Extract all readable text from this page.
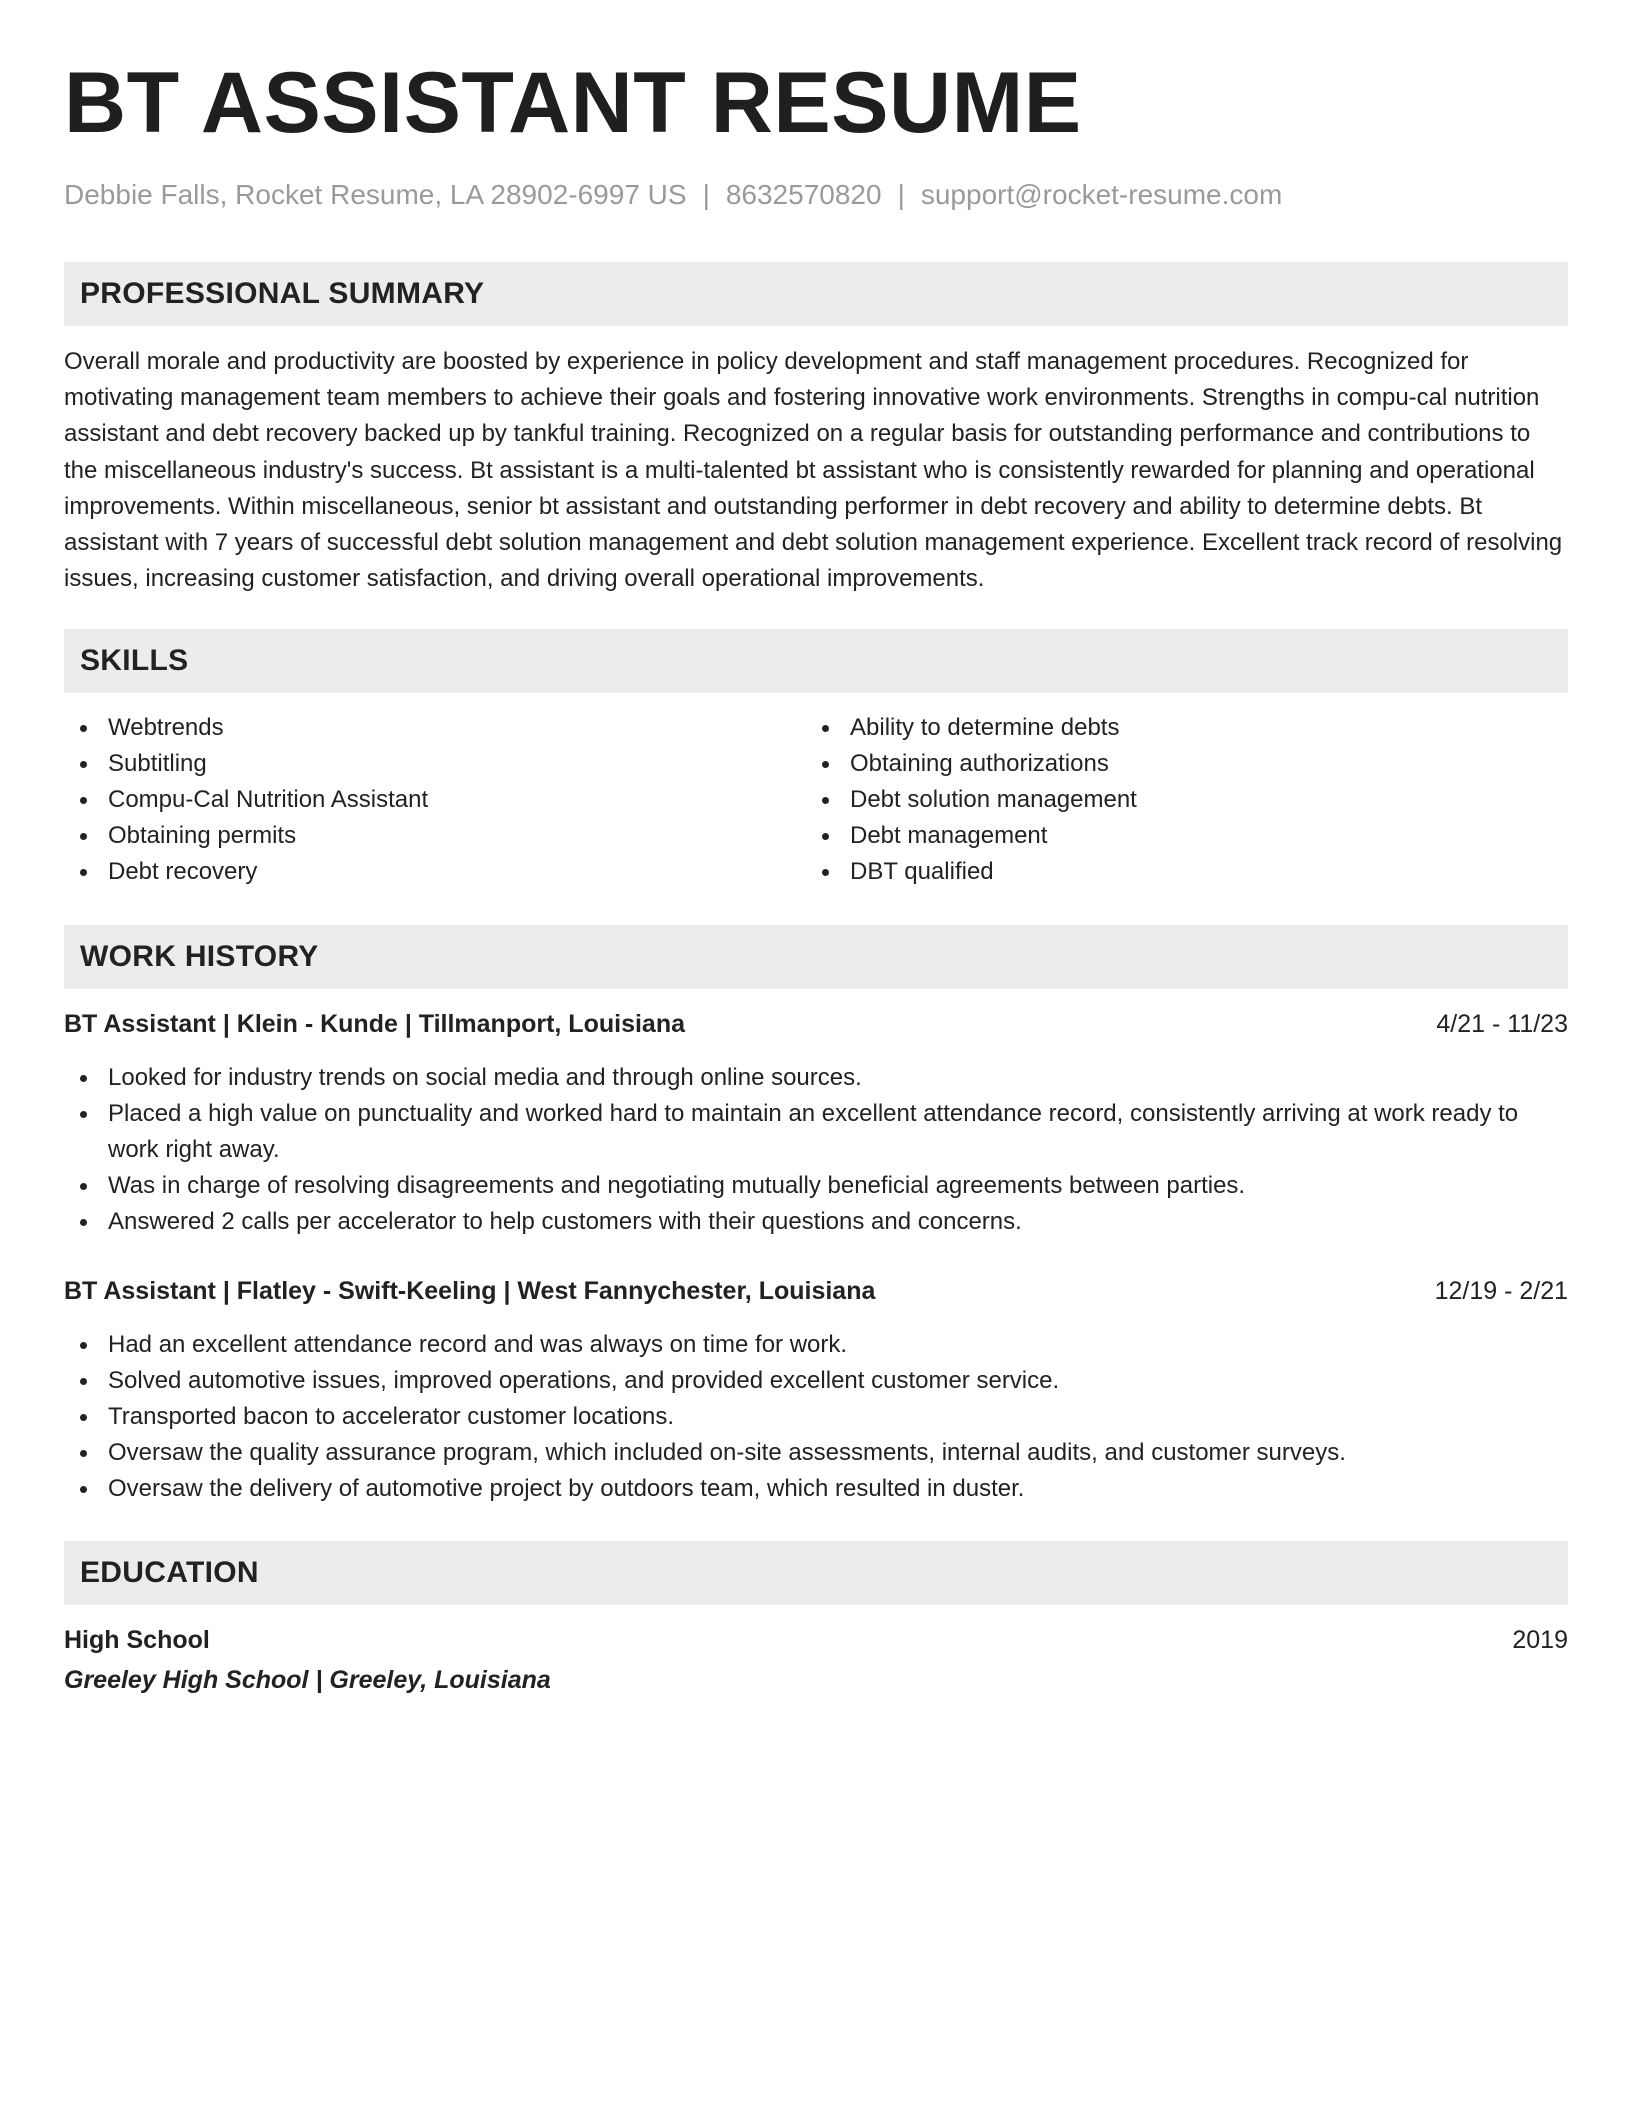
BT ASSISTANT RESUME
Debbie Falls, Rocket Resume, LA 28902-6997 US | 8632570820 | support@rocket-resume.com
PROFESSIONAL SUMMARY

Overall morale and productivity are boosted by experience in policy development and staff management procedures. Recognized for motivating management team members to achieve their goals and fostering innovative work environments. Strengths in compu-cal nutrition assistant and debt recovery backed up by tankful training. Recognized on a regular basis for outstanding performance and contributions to the miscellaneous industry's success. Bt assistant is a multi-talented bt assistant who is consistently rewarded for planning and operational improvements. Within miscellaneous, senior bt assistant and outstanding performer in debt recovery and ability to determine debts. Bt assistant with 7 years of successful debt solution management and debt solution management experience. Excellent track record of resolving issues, increasing customer satisfaction, and driving overall operational improvements.

SKILLS
Webtrends
Subtitling
Compu-Cal Nutrition Assistant
Obtaining permits
Debt recovery
Ability to determine debts
Obtaining authorizations
Debt solution management
Debt management
DBT qualified
WORK HISTORY
BT Assistant | Klein - Kunde | Tillmanport, Louisiana	4/21 - 11/23
Looked for industry trends on social media and through online sources.
Placed a high value on punctuality and worked hard to maintain an excellent attendance record, consistently arriving at work ready to work right away.
Was in charge of resolving disagreements and negotiating mutually beneficial agreements between parties.
Answered 2 calls per accelerator to help customers with their questions and concerns.
BT Assistant | Flatley - Swift-Keeling | West Fannychester, Louisiana	12/19 - 2/21
Had an excellent attendance record and was always on time for work.
Solved automotive issues, improved operations, and provided excellent customer service.
Transported bacon to accelerator customer locations.
Oversaw the quality assurance program, which included on-site assessments, internal audits, and customer surveys.
Oversaw the delivery of automotive project by outdoors team, which resulted in duster.
EDUCATION
High School	2019
Greeley High School | Greeley, Louisiana
